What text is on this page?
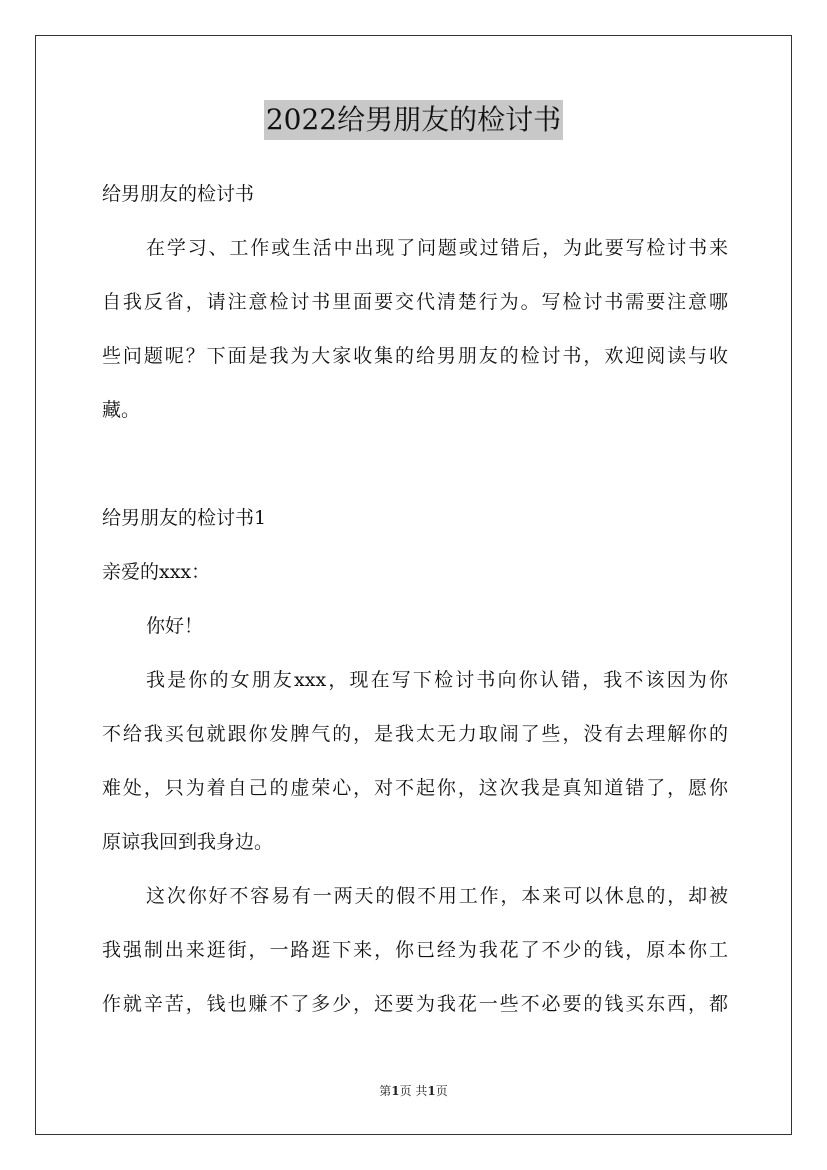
2022给男朋友的检讨书

给男朋友的检讨书

在学习、工作或生活中出现了问题或过错后，为此要写检讨书来

自我反省，请注意检讨书里面要交代清楚行为。写检讨书需要注意哪

些问题呢？下面是我为大家收集的给男朋友的检讨书，欢迎阅读与收

藏。

给男朋友的检讨书1

亲爱的xxx：

你好！

我是你的女朋友xxx，现在写下检讨书向你认错，我不该因为你

不给我买包就跟你发脾气的，是我太无力取闹了些，没有去理解你的

难处，只为着自己的虚荣心，对不起你，这次我是真知道错了，愿你

原谅我回到我身边。

这次你好不容易有一两天的假不用工作，本来可以休息的，却被

我强制出来逛街，一路逛下来，你已经为我花了不少的钱，原本你工

作就辛苦，钱也赚不了多少，还要为我花一些不必要的钱买东西，都

第1页 共1页
